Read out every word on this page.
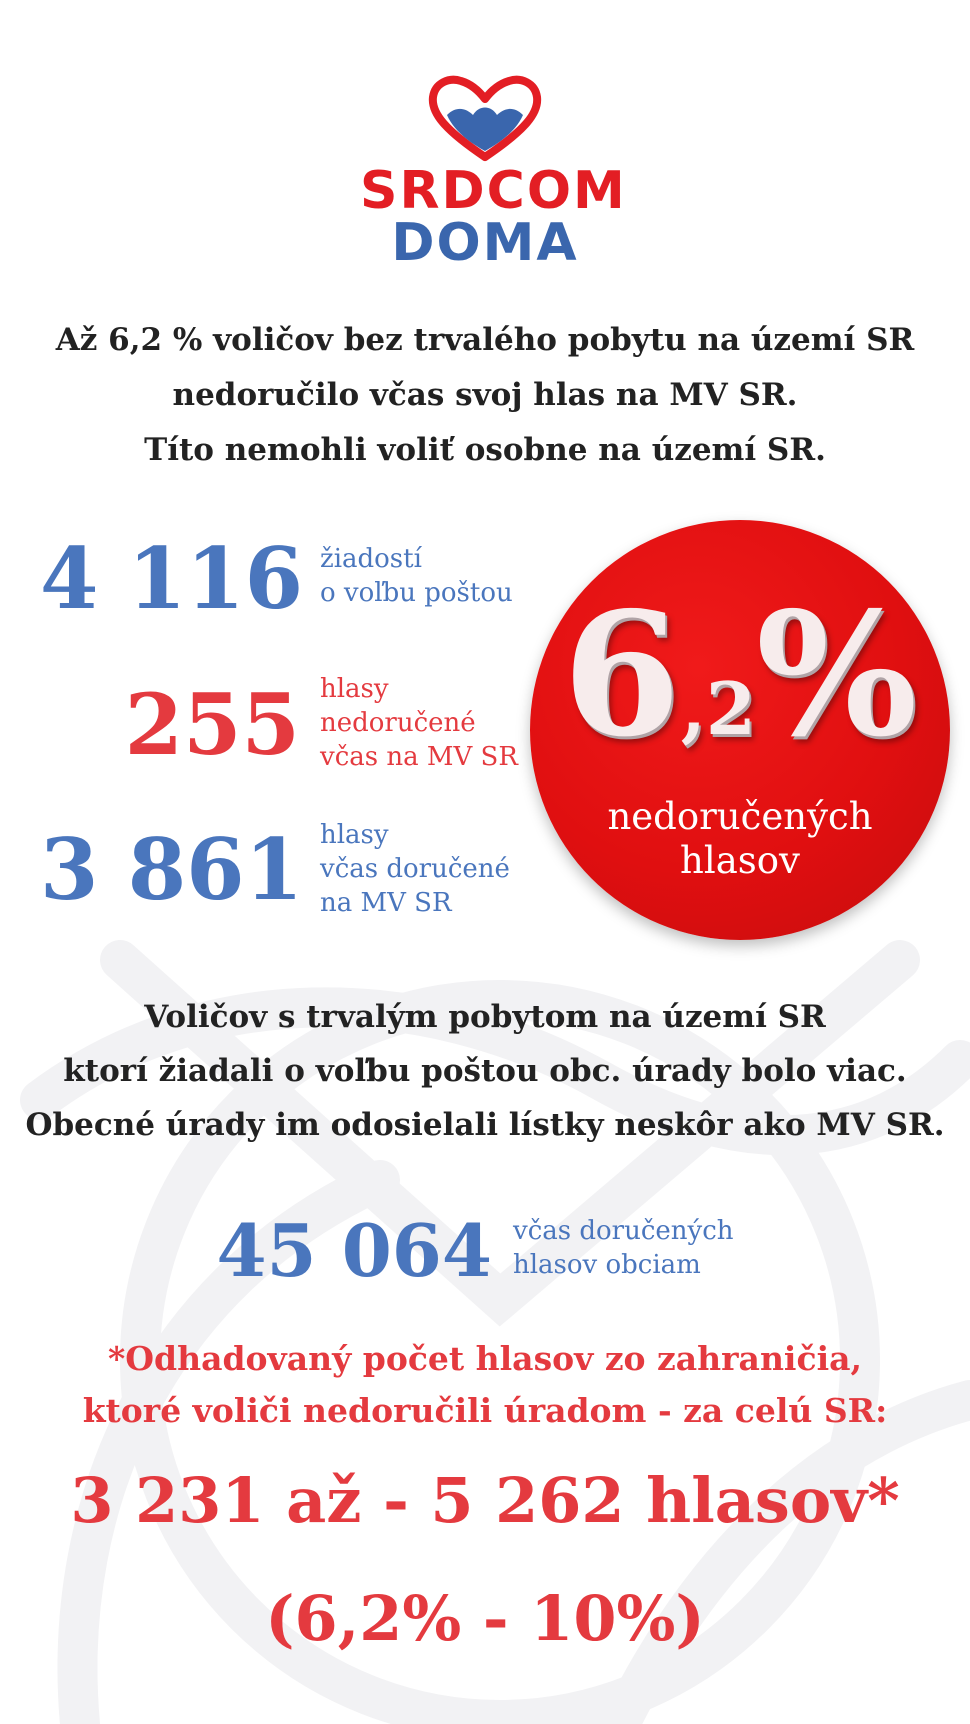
SRDCOM
DOMA
Až 6,2 % voličov bez trvalého pobytu na území SR
nedoručilo včas svoj hlas na MV SR.
Títo nemohli voliť osobne na území SR.
4 116 žiadostí
o voľbu poštou
255 hlasy
nedoručené
včas na MV SR
3 861 hlasy
včas doručené
na MV SR
6,2%
nedoručených
hlasov
Voličov s trvalým pobytom na území SR
ktorí žiadali o voľbu poštou obc. úrady bolo viac.
Obecné úrady im odosielali lístky neskôr ako MV SR.
45 064 včas doručených
hlasov obciam
*Odhadovaný počet hlasov zo zahraničia,
ktoré voliči nedoručili úradom - za celú SR:
3 231 až - 5 262 hlasov*
(6,2% - 10%)
